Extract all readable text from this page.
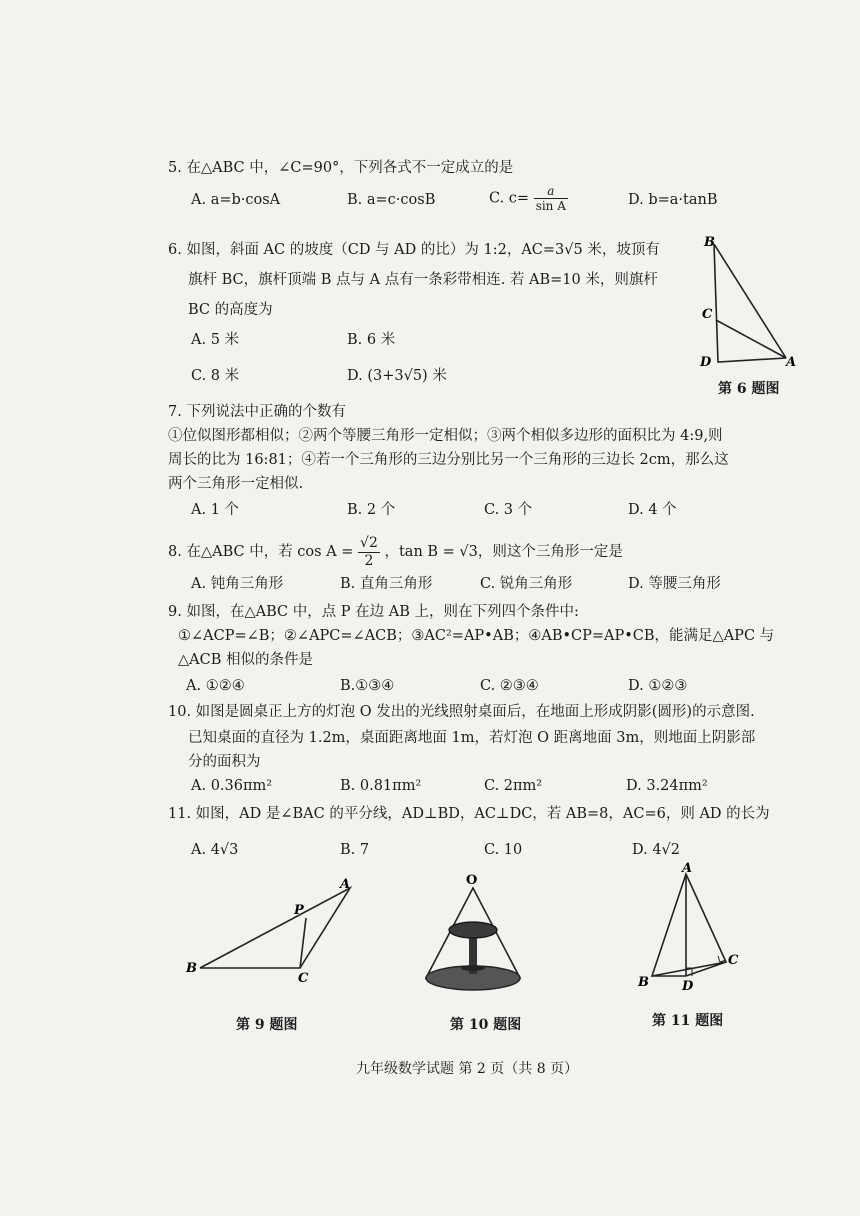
5. 在△ABC 中，∠C=90°，下列各式不一定成立的是
A. a=b·cosA	B. a=c·cosB	C. $c= \frac{a}{\text{sin A}}$	D. b=a·tanB
6. 如图，斜面 AC 的坡度（CD 与 AD 的比）为 1:2，AC=3√5 米，坡顶有
旗杆 BC，旗杆顶端 B 点与 A 点有一条彩带相连. 若 AB=10 米，则旗杆
BC 的高度为
A. 5 米	B. 6 米
C. 8 米	D. (3+3√5) 米
B
C
D	A
第 6 题图
7. 下列说法中正确的个数有
①位似图形都相似；②两个等腰三角形一定相似；③两个相似多边形的面积比为 4:9,则
周长的比为 16:81；④若一个三角形的三边分别比另一个三角形的三边长 2cm，那么这
两个三角形一定相似.
A. 1 个	B. 2 个	C. 3 个	D. 4 个
8. 在△ABC 中，若 $\cos A = \frac{√2}{2}$ ，tan B = √3，则这个三角形一定是
A. 钝角三角形	B. 直角三角形	C. 锐角三角形	D. 等腰三角形
9. 如图，在△ABC 中，点 P 在边 AB 上，则在下列四个条件中:
①∠ACP=∠B；②∠APC=∠ACB；③AC²=AP•AB；④AB•CP=AP•CB，能满足△APC 与
△ACB 相似的条件是
A. ①②④	B.①③④	C. ②③④	D. ①②③
10. 如图是圆桌正上方的灯泡 O 发出的光线照射桌面后，在地面上形成阴影(圆形)的示意图.
已知桌面的直径为 1.2m，桌面距离地面 1m，若灯泡 O 距离地面 3m，则地面上阴影部
分的面积为
A. 0.36πm²	B. 0.81πm²	C. 2πm²	D. 3.24πm²
11. 如图，AD 是∠BAC 的平分线，AD⊥BD，AC⊥DC，若 AB=8，AC=6，则 AD 的长为
A. 4√3	B. 7	C. 10	D. 4√2
A
P
B
C
第 9 题图
O
第 10 题图
A
B	D
C
第 11 题图
九年级数学试题 第 2 页（共 8 页）
